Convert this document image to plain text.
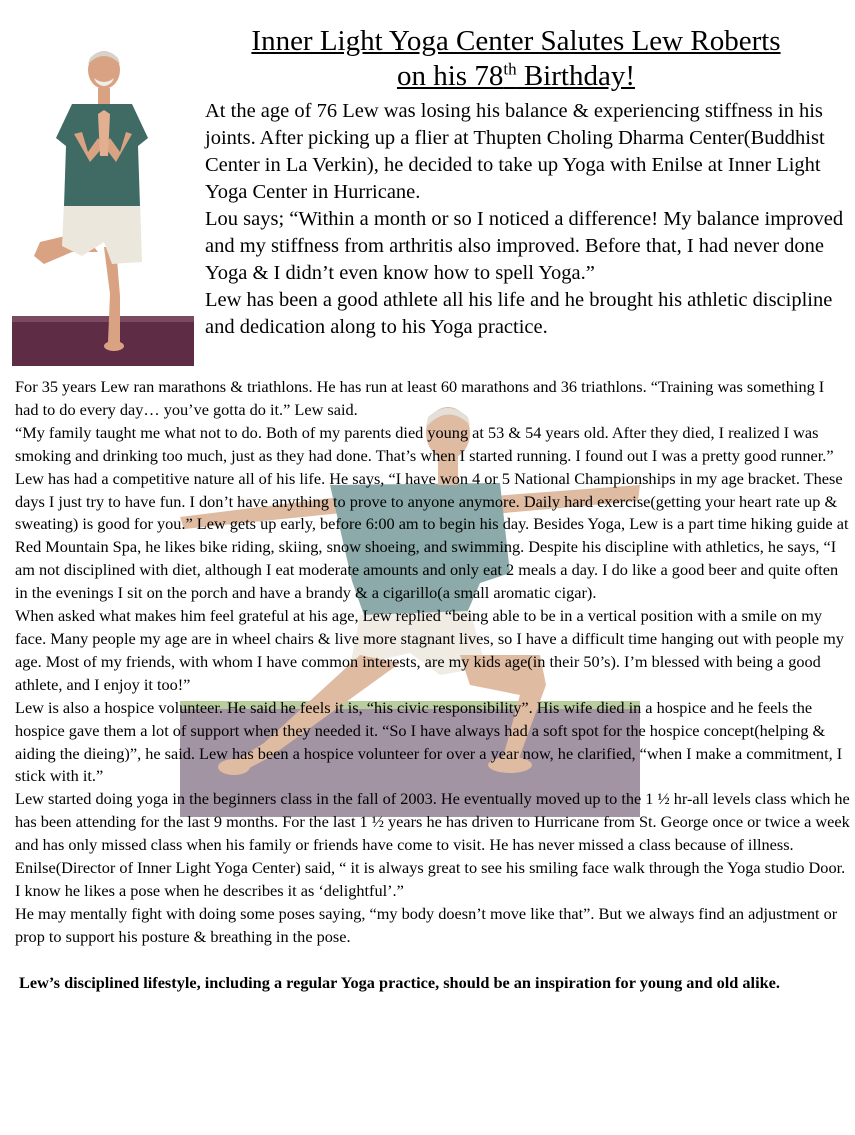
Inner Light Yoga Center Salutes Lew Roberts
on his 78th Birthday!

At the age of 76 Lew was losing his balance & experiencing stiffness in his joints. After picking up a flier at Thupten Choling Dharma Center(Buddhist Center in La Verkin), he decided to take up Yoga with Enilse at Inner Light Yoga Center in Hurricane.

Lou says; “Within a month or so I noticed a difference! My balance improved and my stiffness from arthritis also improved. Before that, I had never done Yoga & I didn’t even know how to spell Yoga.”

Lew has been a good athlete all his life and he brought his athletic discipline and dedication along to his Yoga practice.

For 35 years Lew ran marathons & triathlons. He has run at least 60 marathons and 36 triathlons. “Training was something I had to do every day… you’ve gotta do it.” Lew said.

“My family taught me what not to do. Both of my parents died young at 53 & 54 years old. After they died, I realized I was smoking and drinking too much, just as they had done. That’s when I started running. I found out I was a pretty good runner.”

Lew has had a competitive nature all of his life. He says, “I have won 4 or 5 National Championships in my age bracket. These days I just try to have fun. I don’t have anything to prove to anyone anymore. Daily hard exercise(getting your heart rate up & sweating) is good for you.” Lew gets up early, before 6:00 am to begin his day. Besides Yoga, Lew is a part time hiking guide at Red Mountain Spa, he likes bike riding, skiing, snow shoeing, and swimming. Despite his discipline with athletics, he says, “I am not disciplined with diet, although I eat moderate amounts and only eat 2 meals a day. I do like a good beer and quite often in the evenings I sit on the porch and have a brandy & a cigarillo(a small aromatic cigar).

When asked what makes him feel grateful at his age, Lew replied “being able to be in a vertical position with a smile on my face. Many people my age are in wheel chairs & live more stagnant lives, so I have a difficult time hanging out with people my age. Most of my friends, with whom I have common interests, are my kids age(in their 50’s). I’m blessed with being a good athlete, and I enjoy it too!”

Lew is also a hospice volunteer. He said he feels it is, “his civic responsibility”. His wife died in a hospice and he feels the hospice gave them a lot of support when they needed it. “So I have always had a soft spot for the hospice concept(helping & aiding the dieing)”, he said. Lew has been a hospice volunteer for over a year now, he clarified, “when I make a commitment, I stick with it.”

Lew started doing yoga in the beginners class in the fall of 2003. He eventually moved up to the 1 ½ hr-all levels class which he has been attending for the last 9 months. For the last 1 ½ years he has driven to Hurricane from St. George once or twice a week and has only missed class when his family or friends have come to visit. He has never missed a class because of illness.

Enilse(Director of Inner Light Yoga Center) said, “ it is always great to see his smiling face walk through the Yoga studio Door. I know he likes a pose when he describes it as ‘delightful’.”

He may mentally fight with doing some poses saying, “my body doesn’t move like that”. But we always find an adjustment or prop to support his posture & breathing in the pose.

Lew’s disciplined lifestyle, including a regular Yoga practice, should be an inspiration for young and old alike.
